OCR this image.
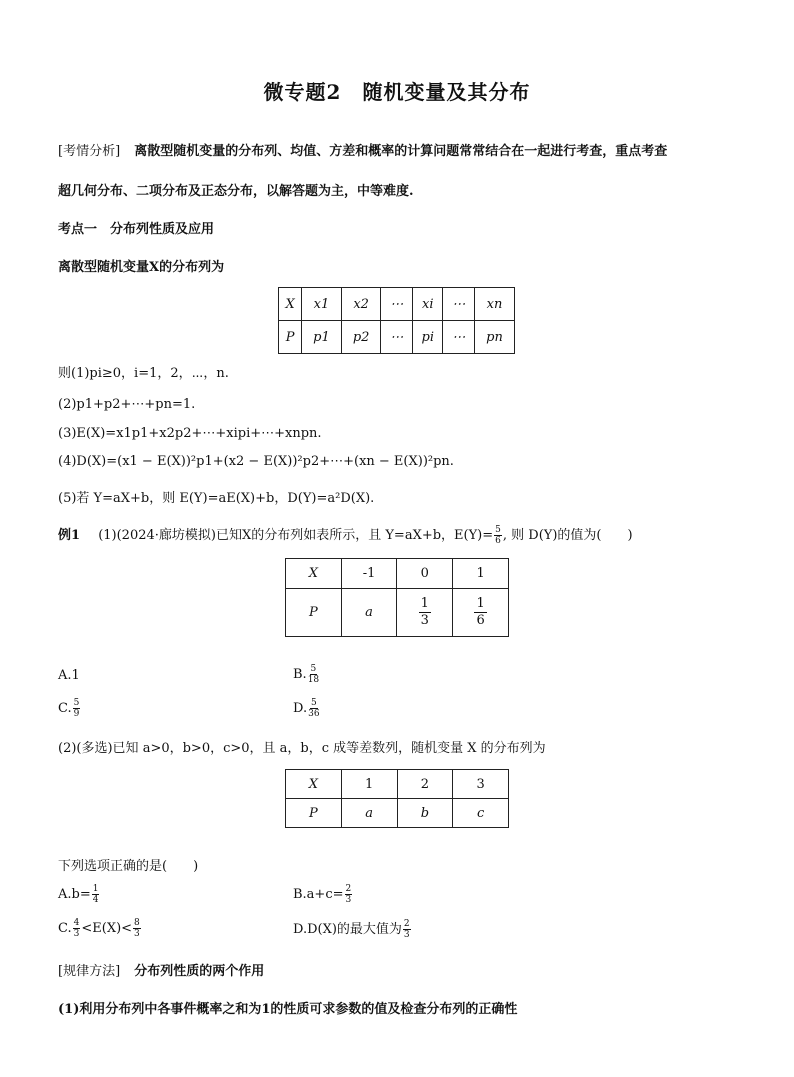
微专题2　随机变量及其分布
[考情分析] 离散型随机变量的分布列、均值、方差和概率的计算问题常常结合在一起进行考查，重点考查
超几何分布、二项分布及正态分布，以解答题为主，中等难度.
考点一　分布列性质及应用
离散型随机变量X的分布列为
X	x1	x2	⋯	xi	⋯	xn
P	p1	p2	⋯	pi	⋯	pn
则(1)pi≥0，i=1，2，⋯，n.
(2)p1+p2+⋯+pn=1.
(3)E(X)=x1p1+x2p2+⋯+xipi+⋯+xnpn.
(4)D(X)=(x1 − E(X))²p1+(x2 − E(X))²p2+⋯+(xn − E(X))²pn.
(5)若 Y=aX+b，则 E(Y)=aE(X)+b，D(Y)=a²D(X).
例1 (1)(2024·廊坊模拟)已知X的分布列如表所示，且 Y=aX+b，$E(Y)= \frac{5}{6}$ , 则 D(Y)的值为(　　)
X	-1	0	1
P	a	$\frac{1}{3}$	$\frac{1}{6}$
A.1	B. $\frac{5}{18}$
C. $\frac{5}{9}$	D. $\frac{5}{36}$
(2)(多选)已知 a>0，b>0，c>0，且 a，b，c 成等差数列，随机变量 X 的分布列为
X	1	2	3
P	a	b	c
下列选项正确的是(　　)
$A.b= \frac{1}{4}$	$B.a+c= \frac{2}{3}$
C. $\frac{4}{3} <E(X)< \frac{8}{3}$	D.D(X)的最大值为 $\frac{2}{3}$
[规律方法] 分布列性质的两个作用
(1)利用分布列中各事件概率之和为1的性质可求参数的值及检查分布列的正确性
